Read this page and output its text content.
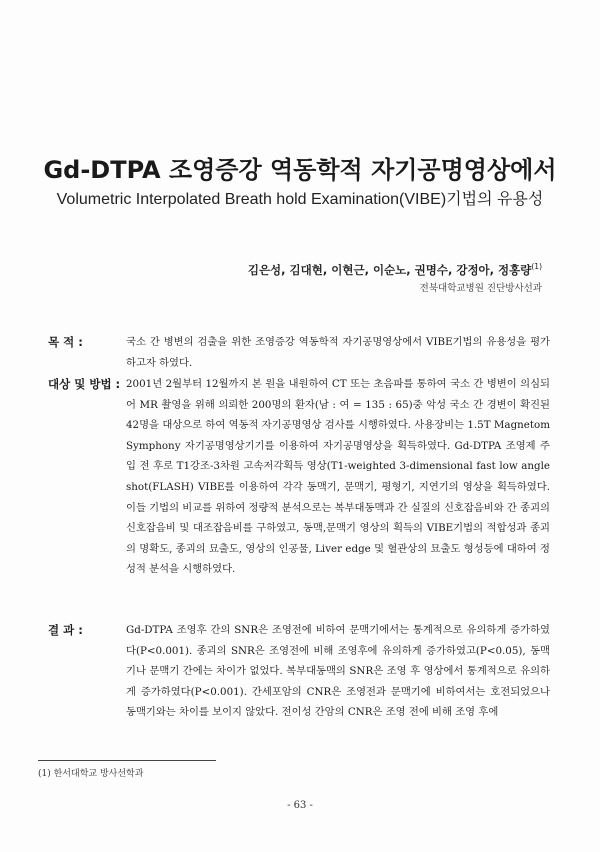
Gd-DTPA 조영증강 역동학적 자기공명영상에서
Volumetric Interpolated Breath hold Examination(VIBE)기법의 유용성
김은성, 김대현, 이현근, 이순노, 권명수, 강정아, 정홍량$^{(1)}$
전북대학교병원 진단방사선과
목 적 :	국소 간 병변의 검출을 위한 조영증강 역동학적 자기공명영상에서 VIBE기법의 유용성을 평가하고자 하였다.
대상 및 방법 : 2001년 2월부터 12월까지 본 원을 내원하여 CT 또는 초음파를 통하여 국소 간 병변이 의심되어 MR 촬영을 위해 의뢰한 200명의 환자(남 : 여 = 135 : 65)중 악성 국소 간 경변이 확진된 42명을 대상으로 하여 역동적 자기공명영상 검사를 시행하였다. 사용장비는 1.5T Magnetom Symphony 자기공명영상기기를 이용하여 자기공명영상을 획득하였다. Gd-DTPA 조영제 주입 전 후로 T1강조-3차원 고속저각획득 영상(T1-weighted 3-dimensional fast low angle shot(FLASH) VIBE를 이용하여 각각 동맥기, 문맥기, 평형기, 지연기의 영상을 획득하였다. 이들 기법의 비교를 위하여 정량적 분석으로는 복부대동맥과 간 실질의 신호잡음비와 간 종괴의 신호잡음비 및 대조잡음비를 구하였고, 동맥,문맥기 영상의 획득의 VIBE기법의 적합성과 종괴의 명확도, 종괴의 묘출도, 영상의 인공물, Liver edge 및 혈관상의 묘출도 형성등에 대하여 정성적 분석을 시행하였다.
결 과 :	Gd-DTPA 조영후 간의 SNR은 조영전에 비하여 문맥기에서는 통계적으로 유의하게 증가하였다(P<0.001). 종괴의 SNR은 조영전에 비해 조영후에 유의하게 증가하였고(P<0.05), 동맥기나 문맥기 간에는 차이가 없었다. 복부대동맥의 SNR은 조영 후 영상에서 통계적으로 유의하게 증가하였다(P<0.001). 간세포암의 CNR은 조영전과 문맥기에 비하여서는 호전되었으나 동맥기와는 차이를 보이지 않았다. 전이성 간암의 CNR은 조영 전에 비해 조영 후에
(1) 한서대학교 방사선학과
- 63 -
